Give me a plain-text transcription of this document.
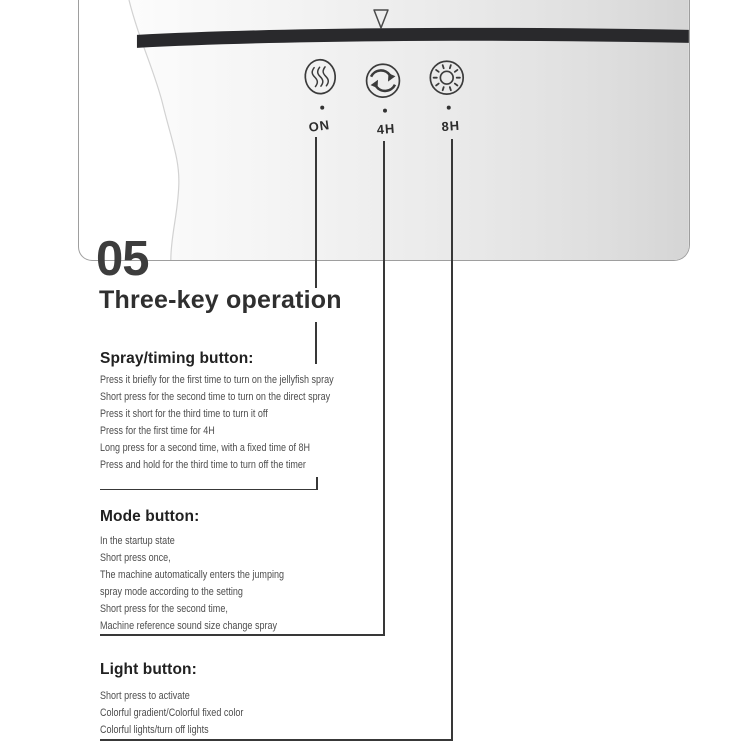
ON	4H	8H
05
Three-key operation
Spray/timing button:
Press it briefly for the first time to turn on the jellyfish spray
Short press for the second time to turn on the direct spray
Press it short for the third time to turn it off
Press for the first time for 4H
Long press for a second time, with a fixed time of 8H
Press and hold for the third time to turn off the timer
Mode button:
In the startup state
Short press once,
The machine automatically enters the jumping
spray mode according to the setting
Short press for the second time,
Machine reference sound size change spray
Light button:
Short press to activate
Colorful gradient/Colorful fixed color
Colorful lights/turn off lights
